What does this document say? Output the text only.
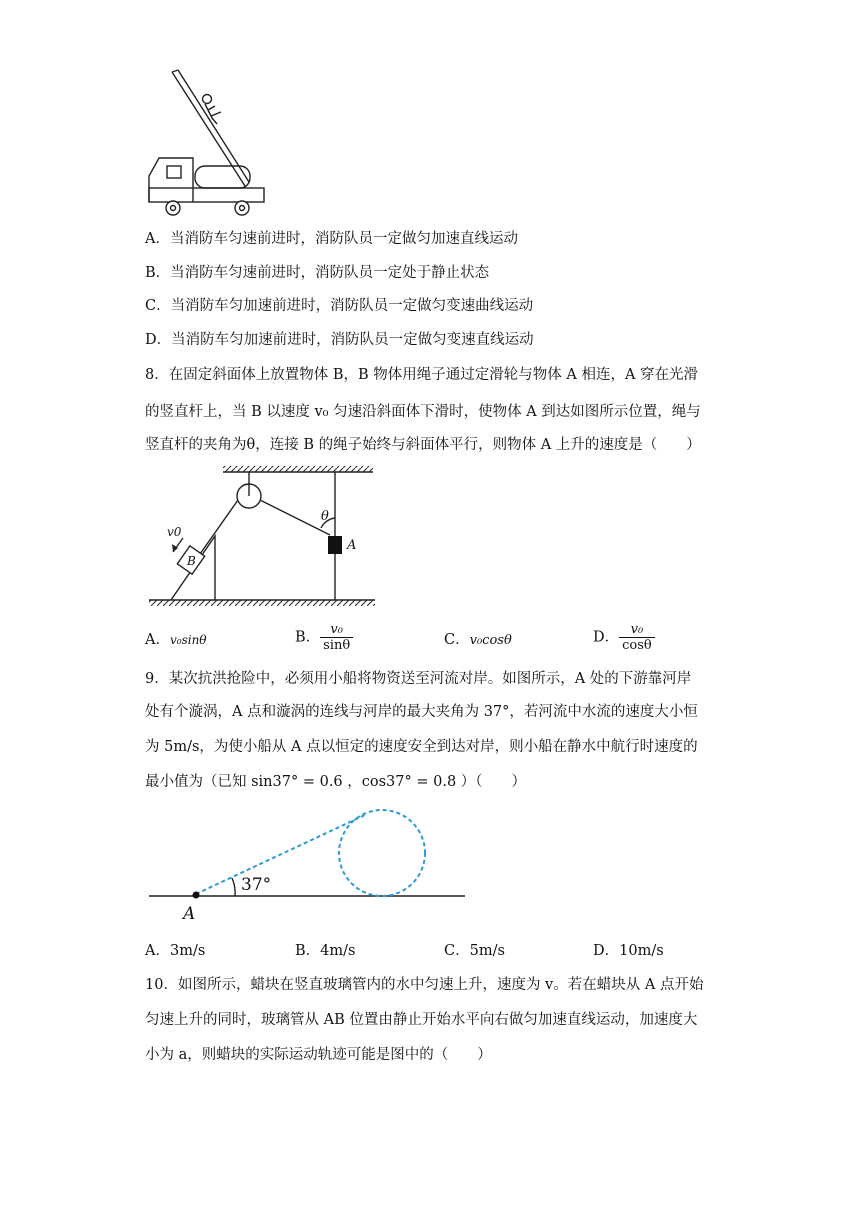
A．当消防车匀速前进时，消防队员一定做匀加速直线运动
B．当消防车匀速前进时，消防队员一定处于静止状态
C．当消防车匀加速前进时，消防队员一定做匀变速曲线运动
D．当消防车匀加速前进时，消防队员一定做匀变速直线运动
8．在固定斜面体上放置物体 B，B 物体用绳子通过定滑轮与物体 A 相连，A 穿在光滑
的竖直杆上，当 B 以速度 v₀ 匀速沿斜面体下滑时，使物体 A 到达如图所示位置，绳与
竖直杆的夹角为θ，连接 B 的绳子始终与斜面体平行，则物体 A 上升的速度是（　　）
v0
B
A
θ
A．v₀sinθ	B． $\frac{\text{v₀}}{\sin\theta}$	C．v₀cosθ	D． $\frac{\text{v₀}}{\cos\theta}$
9．某次抗洪抢险中，必须用小船将物资送至河流对岸。如图所示，A 处的下游靠河岸
处有个漩涡，A 点和漩涡的连线与河岸的最大夹角为 37°，若河流中水流的速度大小恒
为 5m/s，为使小船从 A 点以恒定的速度安全到达对岸，则小船在静水中航行时速度的
最小值为（已知 sin37° = 0.6 ，cos37° = 0.8 ）（　　）
37°
A
A．3m/s	B．4m/s	C．5m/s	D．10m/s
10．如图所示，蜡块在竖直玻璃管内的水中匀速上升，速度为 v。若在蜡块从 A 点开始
匀速上升的同时，玻璃管从 AB 位置由静止开始水平向右做匀加速直线运动，加速度大
小为 a，则蜡块的实际运动轨迹可能是图中的（　　）
